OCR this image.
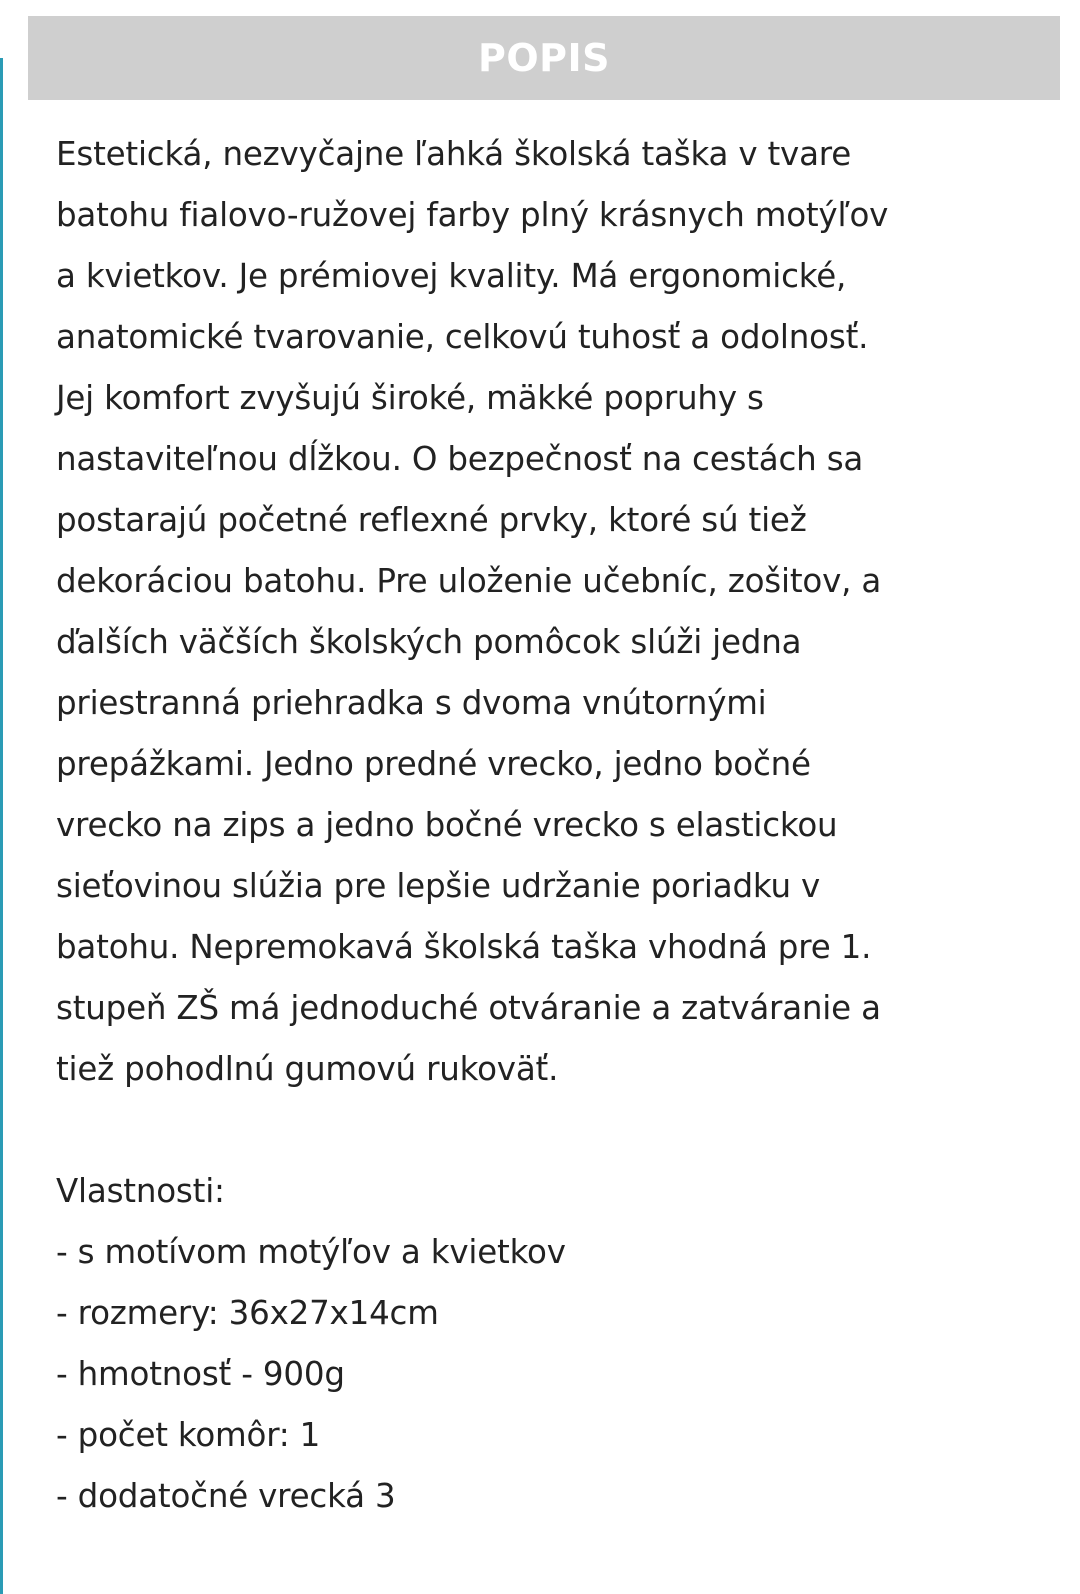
POPIS
Estetická, nezvyčajne ľahká školská taška v tvare
batohu fialovo-ružovej farby plný krásnych motýľov
a kvietkov. Je prémiovej kvality. Má ergonomické,
anatomické tvarovanie, celkovú tuhosť a odolnosť.
Jej komfort zvyšujú široké, mäkké popruhy s
nastaviteľnou dĺžkou. O bezpečnosť na cestách sa
postarajú početné reflexné prvky, ktoré sú tiež
dekoráciou batohu. Pre uloženie učebníc, zošitov, a
ďalších väčších školských pomôcok slúži jedna
priestranná priehradka s dvoma vnútornými
prepážkami. Jedno predné vrecko, jedno bočné
vrecko na zips a jedno bočné vrecko s elastickou
sieťovinou slúžia pre lepšie udržanie poriadku v
batohu. Nepremokavá školská taška vhodná pre 1.
stupeň ZŠ má jednoduché otváranie a zatváranie a
tiež pohodlnú gumovú rukoväť.
Vlastnosti:
- s motívom motýľov a kvietkov
- rozmery: 36x27x14cm
- hmotnosť - 900g
- počet komôr: 1
- dodatočné vrecká 3
